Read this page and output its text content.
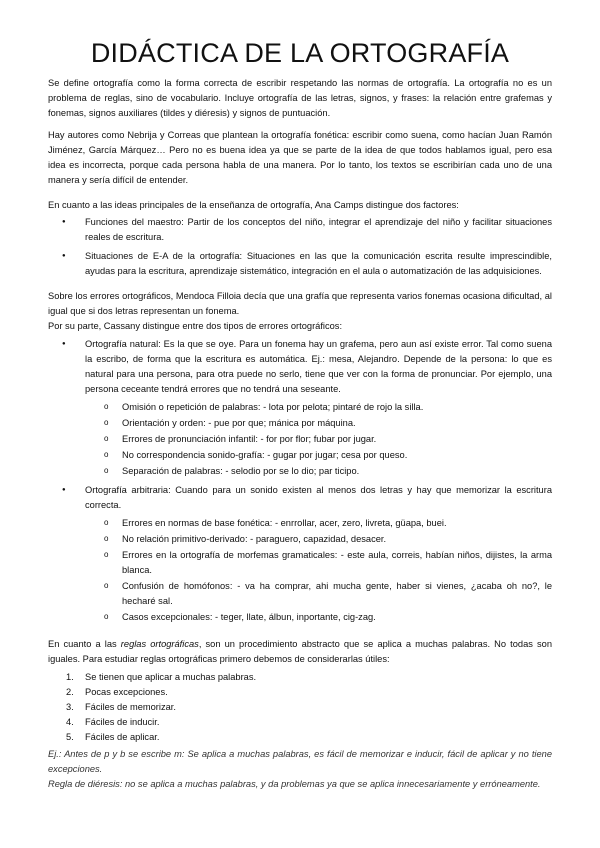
DIDÁCTICA DE LA ORTOGRAFÍA

Se define ortografía como la forma correcta de escribir respetando las normas de ortografía. La ortografía no es un problema de reglas, sino de vocabulario. Incluye ortografía de las letras, signos, y frases: la relación entre grafemas y fonemas, signos auxiliares (tildes y diéresis) y signos de puntuación.

Hay autores como Nebrija y Correas que plantean la ortografía fonética: escribir como suena, como hacían Juan Ramón Jiménez, García Márquez… Pero no es buena idea ya que se parte de la idea de que todos hablamos igual, pero esa idea es incorrecta, porque cada persona habla de una manera. Por lo tanto, los textos se escribirían cada uno de una manera y sería difícil de entender.

En cuanto a las ideas principales de la enseñanza de ortografía, Ana Camps distingue dos factores:

● Funciones del maestro: Partir de los conceptos del niño, integrar el aprendizaje del niño y facilitar situaciones reales de escritura.
● Situaciones de E-A de la ortografía: Situaciones en las que la comunicación escrita resulte imprescindible, ayudas para la escritura, aprendizaje sistemático, integración en el aula o automatización de las adquisiciones.

Sobre los errores ortográficos, Mendoca Filloia decía que una grafía que representa varios fonemas ocasiona dificultad, al igual que si dos letras representan un fonema.

Por su parte, Cassany distingue entre dos tipos de errores ortográficos:

● Ortografía natural: Es la que se oye. Para un fonema hay un grafema, pero aun así existe error. Tal como suena la escribo, de forma que la escritura es automática. Ej.: mesa, Alejandro. Depende de la persona: lo que es natural para una persona, para otra puede no serlo, tiene que ver con la forma de pronunciar. Por ejemplo, una persona ceceante tendrá errores que no tendrá una seseante.
o Omisión o repetición de palabras: - lota por pelota; pintaré de rojo la silla.
o Orientación y orden: - pue por que; mánica por máquina.
o Errores de pronunciación infantil: - for por flor; fubar por jugar.
o No correspondencia sonido-grafía: - gugar por jugar; cesa por queso.
o Separación de palabras: - selodio por se lo dio; par ticipo.
● Ortografía arbitraria: Cuando para un sonido existen al menos dos letras y hay que memorizar la escritura correcta.
o Errores en normas de base fonética: - enrrollar, acer, zero, livreta, güapa, buei.
o No relación primitivo-derivado: - paraguero, capazidad, desacer.
o Errores en la ortografía de morfemas gramaticales: - este aula, correis, habían niños, dijistes, la arma blanca.
o Confusión de homófonos: - va ha comprar, ahi mucha gente, haber si vienes, ¿acaba oh no?, le hecharé sal.
o Casos excepcionales: - teger, llate, álbun, inportante, cig-zag.

En cuanto a las reglas ortográficas, son un procedimiento abstracto que se aplica a muchas palabras. No todas son iguales. Para estudiar reglas ortográficas primero debemos de considerarlas útiles:

1. Se tienen que aplicar a muchas palabras.
2. Pocas excepciones.
3. Fáciles de memorizar.
4. Fáciles de inducir.
5. Fáciles de aplicar.

Ej.: Antes de p y b se escribe m: Se aplica a muchas palabras, es fácil de memorizar e inducir, fácil de aplicar y no tiene excepciones.

Regla de diéresis: no se aplica a muchas palabras, y da problemas ya que se aplica innecesariamente y erróneamente.
